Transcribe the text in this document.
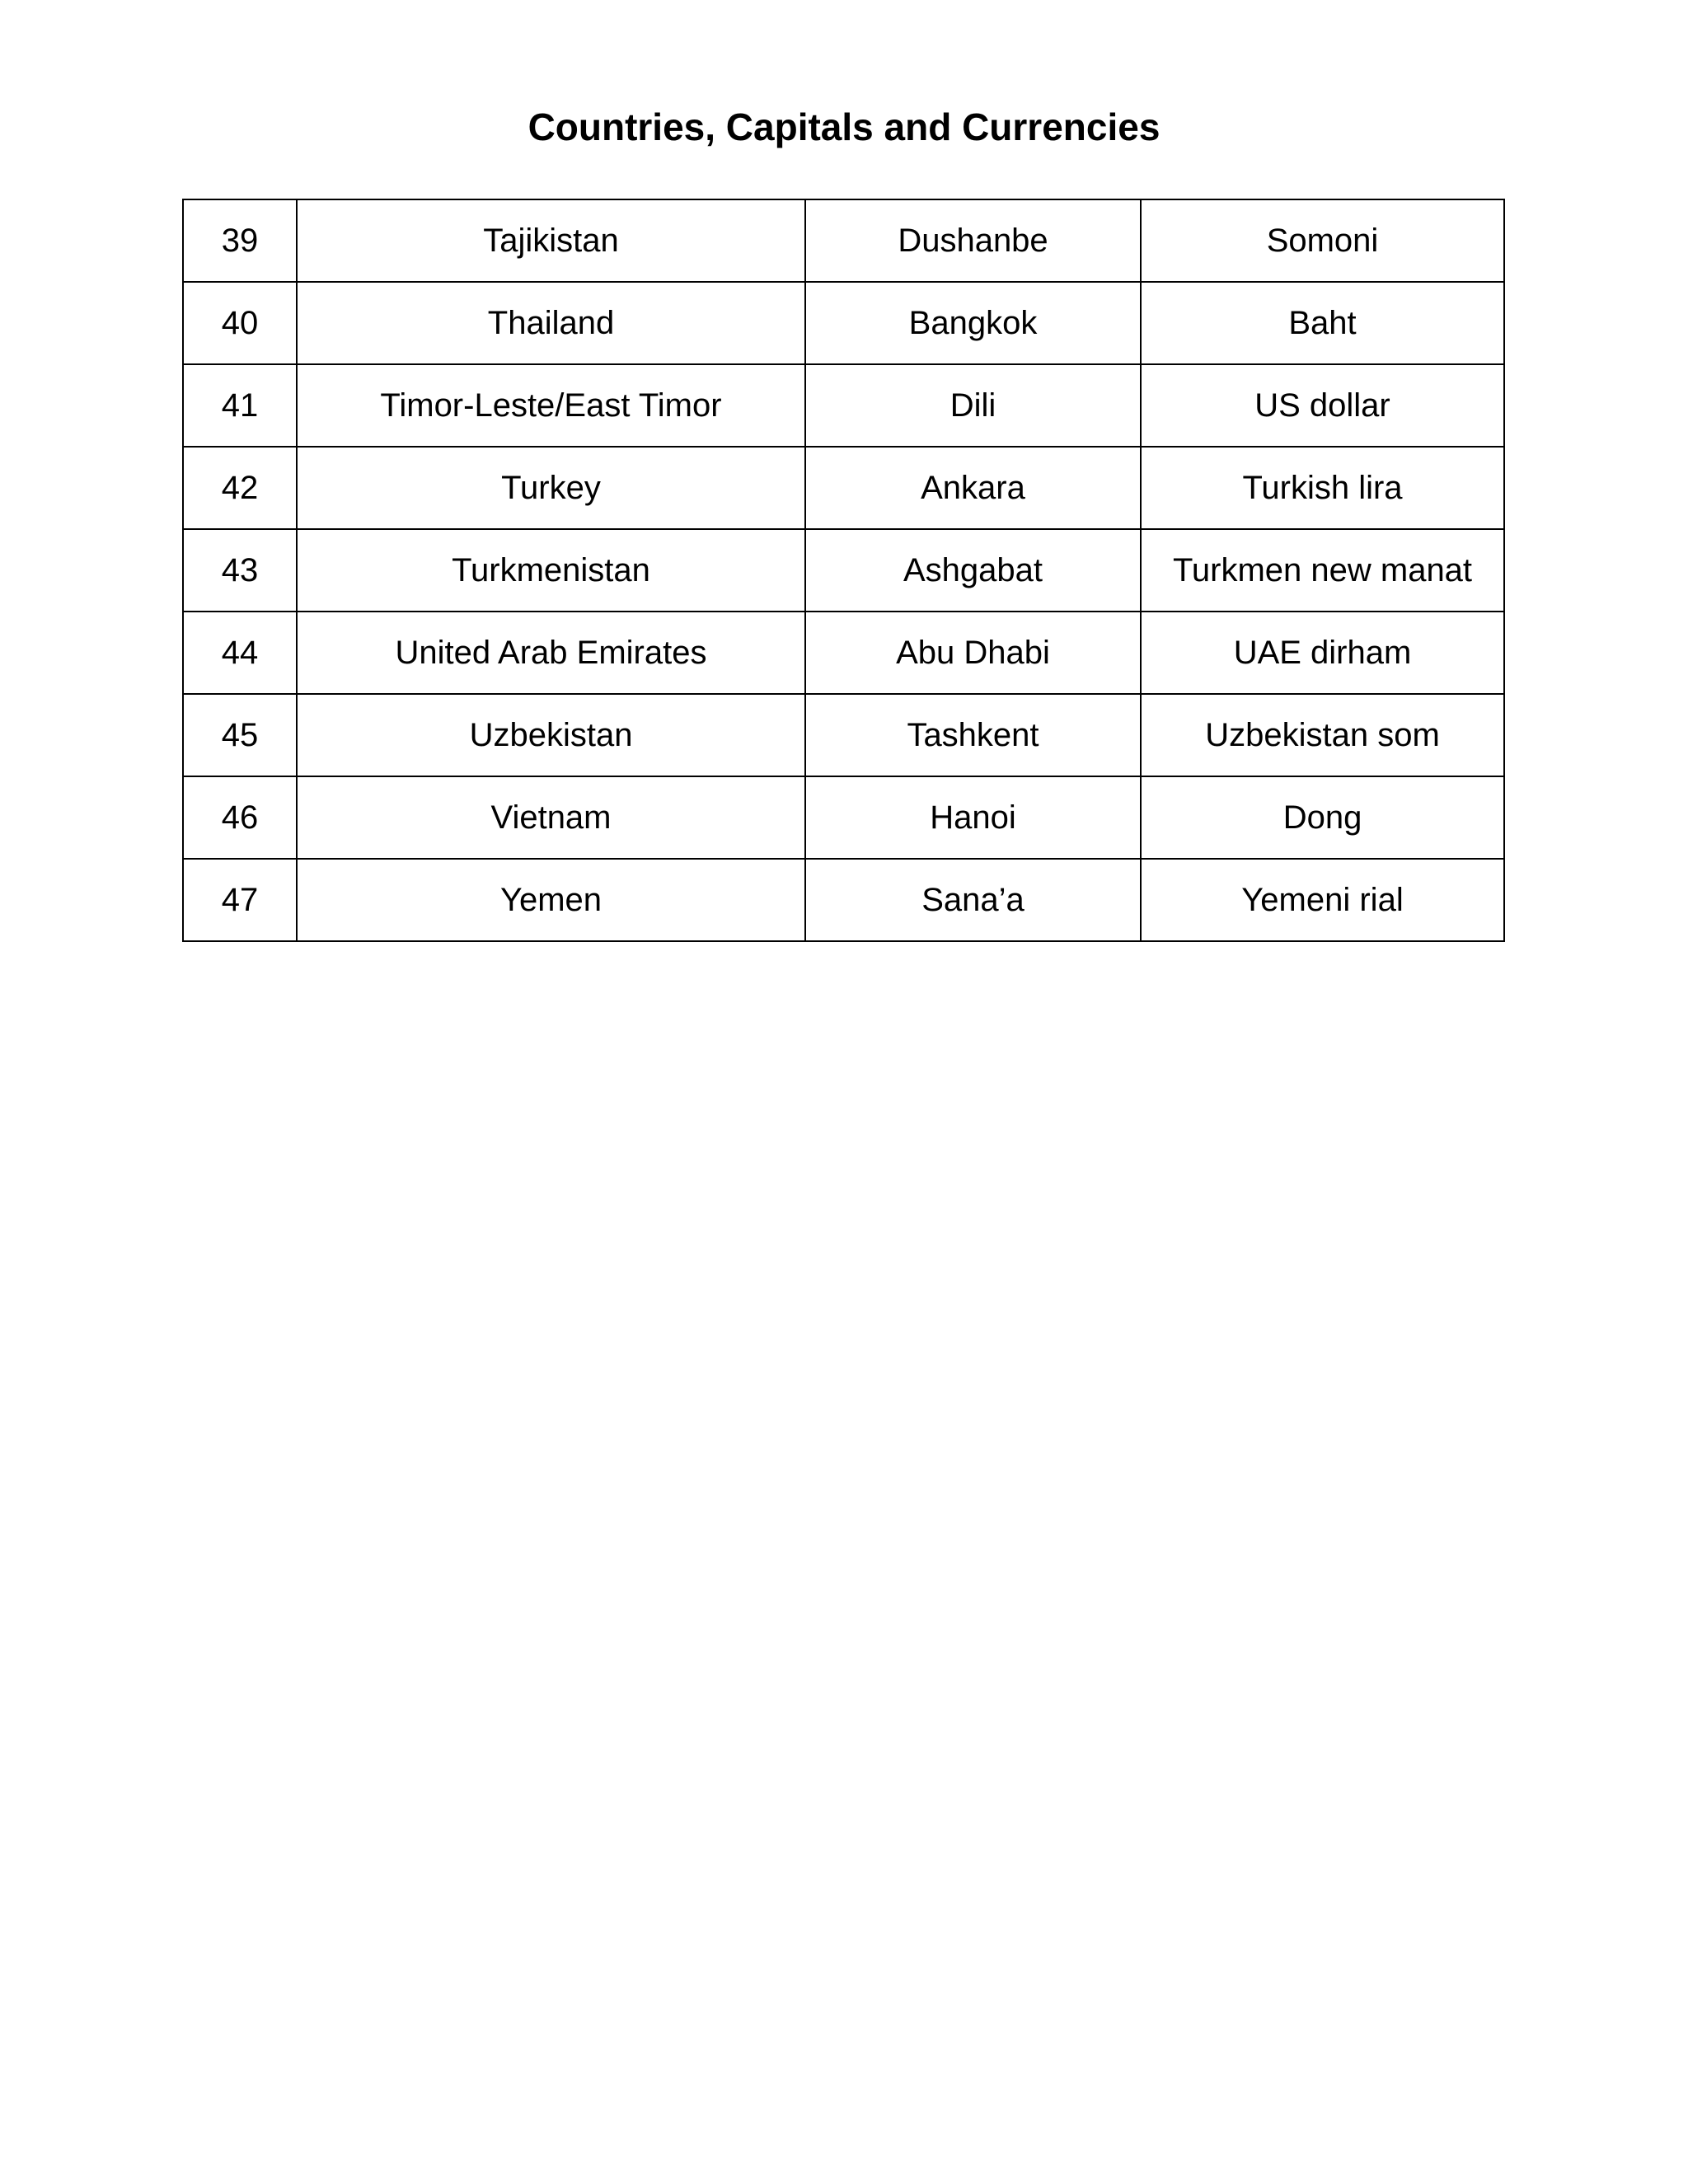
Countries, Capitals and Currencies
39	Tajikistan	Dushanbe	Somoni
40	Thailand	Bangkok	Baht
41	Timor-Leste/East Timor	Dili	US dollar
42	Turkey	Ankara	Turkish lira
43	Turkmenistan	Ashgabat	Turkmen new manat
44	United Arab Emirates	Abu Dhabi	UAE dirham
45	Uzbekistan	Tashkent	Uzbekistan som
46	Vietnam	Hanoi	Dong
47	Yemen	Sana’a	Yemeni rial
